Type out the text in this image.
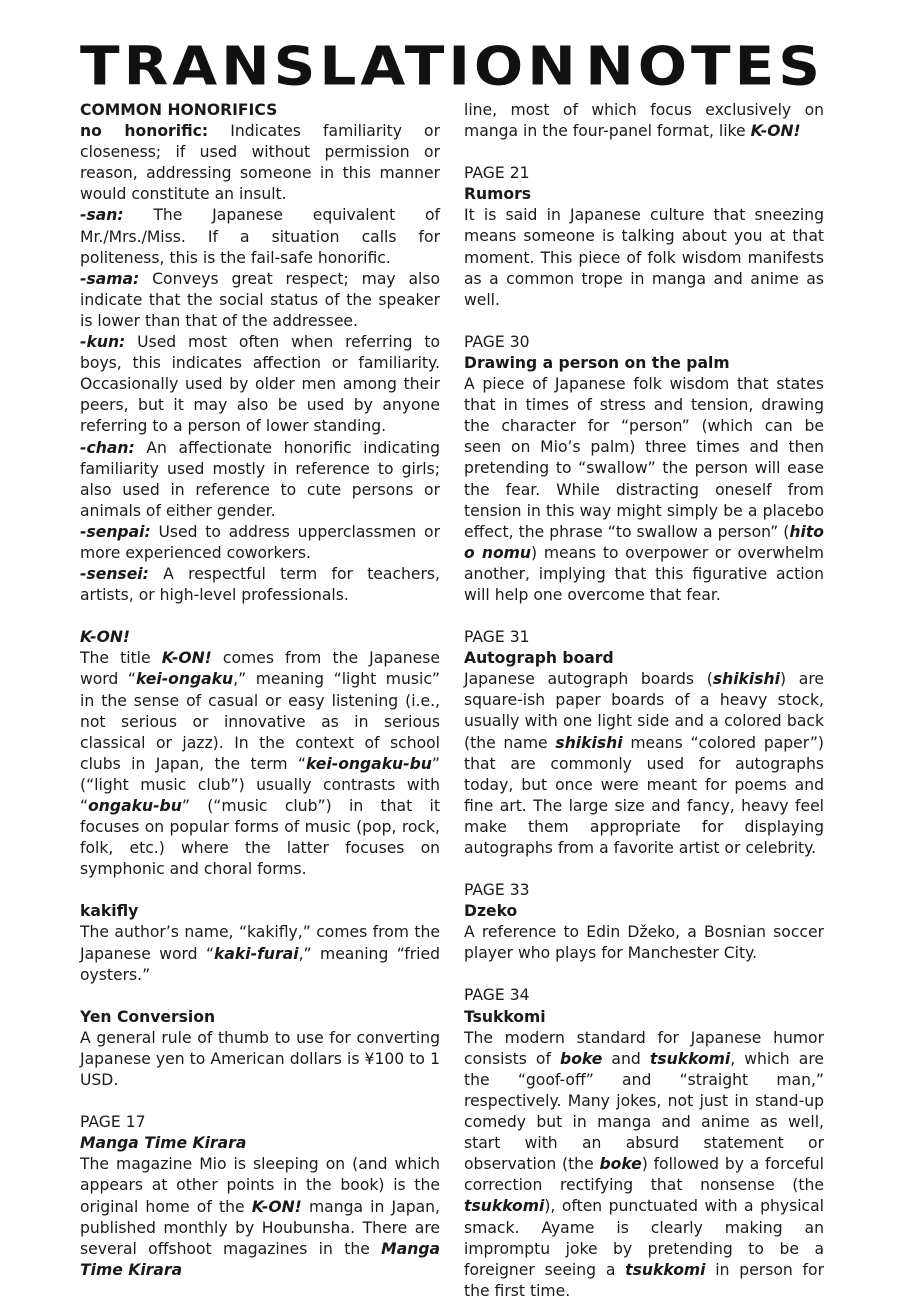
TRANSLATION NOTES

COMMON HONORIFICS

no honorific: Indicates familiarity or closeness; if used without permission or reason, addressing someone in this manner would constitute an insult.

-san: The Japanese equivalent of Mr./Mrs./Miss. If a situation calls for politeness, this is the fail-safe honorific.

-sama: Conveys great respect; may also indicate that the social status of the speaker is lower than that of the addressee.

-kun: Used most often when referring to boys, this indicates affection or familiarity. Occasionally used by older men among their peers, but it may also be used by anyone referring to a person of lower standing.

-chan: An affectionate honorific indicating familiarity used mostly in reference to girls; also used in reference to cute persons or animals of either gender.

-senpai: Used to address upperclassmen or more experienced coworkers.

-sensei: A respectful term for teachers, artists, or high-level professionals.

K-ON!

The title K-ON! comes from the Japanese word “kei-ongaku,” meaning “light music” in the sense of casual or easy listening (i.e., not serious or innovative as in serious classical or jazz). In the context of school clubs in Japan, the term “kei-ongaku-bu” (“light music club”) usually contrasts with “ongaku-bu” (“music club”) in that it focuses on popular forms of music (pop, rock, folk, etc.) where the latter focuses on symphonic and choral forms.

kakifly

The author’s name, “kakifly,” comes from the Japanese word “kaki-furai,” meaning “fried oysters.”

Yen Conversion

A general rule of thumb to use for converting Japanese yen to American dollars is ¥100 to 1 USD.

PAGE 17

Manga Time Kirara

The magazine Mio is sleeping on (and which appears at other points in the book) is the original home of the K-ON! manga in Japan, published monthly by Houbunsha. There are several offshoot magazines in the Manga Time Kirara

line, most of which focus exclusively on manga in the four-panel format, like K-ON!

PAGE 21

Rumors

It is said in Japanese culture that sneezing means someone is talking about you at that moment. This piece of folk wisdom manifests as a common trope in manga and anime as well.

PAGE 30

Drawing a person on the palm

A piece of Japanese folk wisdom that states that in times of stress and tension, drawing the character for “person” (which can be seen on Mio’s palm) three times and then pretending to “swallow” the person will ease the fear. While distracting oneself from tension in this way might simply be a placebo effect, the phrase “to swallow a person” (hito o nomu) means to overpower or overwhelm another, implying that this figurative action will help one overcome that fear.

PAGE 31

Autograph board

Japanese autograph boards (shikishi) are square-ish paper boards of a heavy stock, usually with one light side and a colored back (the name shikishi means “colored paper”) that are commonly used for autographs today, but once were meant for poems and fine art. The large size and fancy, heavy feel make them appropriate for displaying autographs from a favorite artist or celebrity.

PAGE 33

Dzeko

A reference to Edin Džeko, a Bosnian soccer player who plays for Manchester City.

PAGE 34

Tsukkomi

The modern standard for Japanese humor consists of boke and tsukkomi, which are the “goof-off” and “straight man,” respectively. Many jokes, not just in stand-up comedy but in manga and anime as well, start with an absurd statement or observation (the boke) followed by a forceful correction rectifying that nonsense (the tsukkomi), often punctuated with a physical smack. Ayame is clearly making an impromptu joke by pretending to be a foreigner seeing a tsukkomi in person for the first time.
